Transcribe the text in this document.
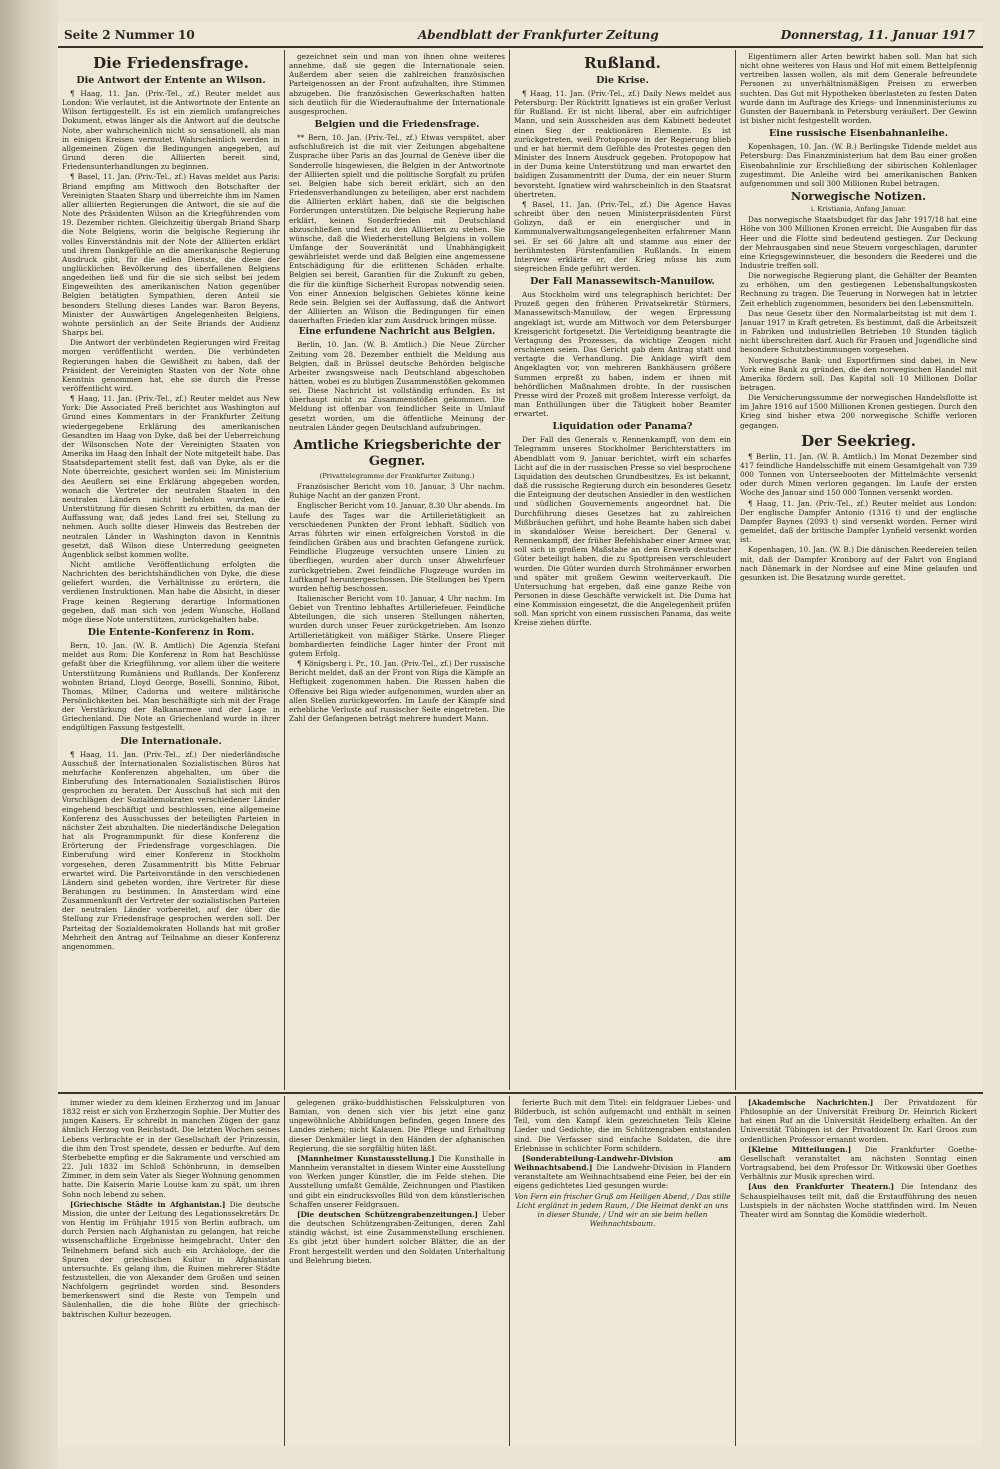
Seite 2 Nummer 10	Abendblatt der Frankfurter Zeitung	Donnerstag, 11. Januar 1917
Die Friedensfrage.
Die Antwort der Entente an Wilson.

¶ Haag, 11. Jan. (Priv.-Tel., zf.) Reuter meldet aus London: Wie verlautet, ist die Antwortnote der Entente an Wilson fertiggestellt. Es ist ein ziemlich umfangreiches Dokument, etwas länger als die Antwort auf die deutsche Note, aber wahrscheinlich nicht so sensationell, als man in einigen Kreisen vermutet. Wahrscheinlich werden in allgemeinen Zügen die Bedingungen angegeben, auf Grund deren die Alliierten bereit sind, Friedensunterhandlungen zu beginnen.

¶ Basel, 11. Jan. (Priv.-Tel., zf.) Havas meldet aus Paris: Briand empfing am Mittwoch den Botschafter der Vereinigten Staaten Sharp und überreichte ihm im Namen aller alliierten Regierungen die Antwort, die sie auf die Note des Präsidenten Wilson an die Kriegführenden vom 19. Dezember richten. Gleichzeitig übergab Briand Sharp die Note Belgiens, worin die belgische Regierung ihr volles Einverständnis mit der Note der Alliierten erklärt und ihrem Dankgefühle an die amerikanische Regierung Ausdruck gibt, für die edlen Dienste, die diese der unglücklichen Bevölkerung des überfallenen Belgiens angedeihen ließ und für die sie sich selbst bei jedem Eingeweihten des amerikanischen Nation gegenüber Belgien betätigten Sympathien, deren Anteil sie besonders Stellung dieses Landes war. Baron Beyens, Minister der Auswärtigen Angelegenheiten Belgiens, wohnte persönlich an der Seite Briands der Audienz Sharps bei.

Die Antwort der verbündeten Regierungen wird Freitag morgen veröffentlicht werden. Die verbündeten Regierungen haben die Gewißheit zu haben, daß der Präsident der Vereinigten Staaten von der Note ohne Kenntnis genommen hat, ehe sie durch die Presse veröffentlicht wird.

¶ Haag, 11. Jan. (Priv.-Tel., zf.) Reuter meldet aus New York: Die Associated Preß berichtet aus Washington auf Grund eines Kommentars in der Frankfurter Zeitung wiedergegebene Erklärung des amerikanischen Gesandten im Haag von Dyke, daß bei der Ueberreichung der Wilsonschen Note der Vereinigten Staaten von Amerika im Haag den Inhalt der Note mitgeteilt habe. Das Staatsdepartement stellt fest, daß van Dyke, als er die Note überreichte, gesichert worden sei: Im Ministerium des Aeußern sei eine Erklärung abgegeben worden, wonach die Vertreter der neutralen Staaten in den neutralen Ländern nicht befohlen wurden, die Unterstützung für diesen Schritt zu erbitten, da man der Auffassung war, daß jedes Land frei sei, Stellung zu nehmen. Auch sollte dieser Hinweis das Bestreben der neutralen Länder in Washington davon in Kenntnis gesetzt, daß Wilson diese Unterredung geeigneten Augenblick selbst kommen wollte.

Nicht amtliche Veröffentlichung erfolgten die Nachrichten des berichtshändlichen von Dyke, die diese geliefert wurden, die Verhältnisse zu erörtern, die verdienen Instruktionen. Man habe die Absicht, in dieser Frage keinen Regierung derartige Informationen gegeben, daß man sich von jedem Wunsche, Holland möge diese Note unterstützen, zurückgehalten habe.

Die Entente-Konferenz in Rom.

Bern, 10. Jan. (W. B. Amtlich) Die Agenzia Stefani meldet aus Rom: Die Konferenz in Rom hat Beschlüsse gefaßt über die Kriegführung, vor allem über die weitere Unterstützung Rumäniens und Rußlands. Der Konferenz wohnten Briand, Lloyd George, Boselli, Sonnino, Ribot, Thomas, Milner, Cadorna und weitere militärische Persönlichkeiten bei. Man beschäftigte sich mit der Frage der Verstärkung der Balkanarmee und der Lage in Griechenland. Die Note an Griechenland wurde in ihrer endgültigen Fassung festgestellt.

Die Internationale.

¶ Haag, 11. Jan. (Priv.-Tel., zf.) Der niederländische Ausschuß der Internationalen Sozialistischen Büros hat mehrfache Konferenzen abgehalten, um über die Einberufung des Internationalen Sozialistischen Büros gesprochen zu beraten. Der Ausschuß hat sich mit den Vorschlägen der Sozialdemokraten verschiedener Länder eingehend beschäftigt und beschlossen, eine allgemeine Konferenz des Ausschusses der beteiligten Parteien in nächster Zeit abzuhalten. Die niederländische Delegation hat als Programmpunkt für diese Konferenz die Erörterung der Friedensfrage vorgeschlagen. Die Einberufung wird einer Konferenz in Stockholm vorgesehen, deren Zusammentritt bis Mitte Februar erwartet wird. Die Parteivorstände in den verschiedenen Ländern sind gebeten worden, ihre Vertreter für diese Beratungen zu bestimmen. In Amsterdam wird eine Zusammenkunft der Vertreter der sozialistischen Parteien der neutralen Länder vorbereitet, auf der über die Stellung zur Friedensfrage gesprochen werden soll. Der Parteitag der Sozialdemokraten Hollands hat mit großer Mehrheit den Antrag auf Teilnahme an dieser Konferenz angenommen.

gezeichnet sein und man von ihnen ohne weiteres annehme, daß sie gegen die Internationale seien. Außerdem aber seien die zahlreichen französischen Parteigenossen an der Front aufzuhalten, ihre Stimmen abzugeben. Die französischen Gewerkschaften hatten sich deutlich für die Wiederaufnahme der Internationale ausgesprochen.

Belgien und die Friedensfrage.

** Bern, 10. Jan. (Priv.-Tel., zf.) Etwas verspätet, aber aufschlußreich ist die mit vier Zeitungen abgehaltene Zusprache über Paris an das Journal de Genève über die Sonderrolle hingewiesen, die Belgien in der Antwortnote der Alliierten spielt und die politische Sorgfalt zu prüfen sei. Belgien habe sich bereit erklärt, sich an den Friedensverhandlungen zu beteiligen, aber erst nachdem die Alliierten erklärt haben, daß sie die belgischen Forderungen unterstützen. Die belgische Regierung habe erklärt, keinen Sonderfrieden mit Deutschland abzuschließen und fest zu den Alliierten zu stehen. Sie wünsche, daß die Wiederherstellung Belgiens in vollem Umfange der Souveränität und Unabhängigkeit gewährleistet werde und daß Belgien eine angemessene Entschädigung für die erlittenen Schäden erhalte. Belgien sei bereit, Garantien für die Zukunft zu geben, die für die künftige Sicherheit Europas notwendig seien. Von einer Annexion belgischen Gebietes könne keine Rede sein. Belgien sei der Auffassung, daß die Antwort der Alliierten an Wilson die Bedingungen für einen dauerhaften Frieden klar zum Ausdruck bringen müsse.

Eine erfundene Nachricht aus Belgien.

Berlin, 10. Jan. (W. B. Amtlich.) Die Neue Zürcher Zeitung vom 28. Dezember enthielt die Meldung aus Belgien, daß in Brüssel deutsche Behörden belgische Arbeiter zwangsweise nach Deutschland abgeschoben hätten, wobei es zu blutigen Zusammenstößen gekommen sei. Diese Nachricht ist vollständig erfunden. Es ist überhaupt nicht zu Zusammenstößen gekommen. Die Meldung ist offenbar von feindlicher Seite in Umlauf gesetzt worden, um die öffentliche Meinung der neutralen Länder gegen Deutschland aufzubringen.

Amtliche Kriegsberichte der Gegner.

(Privattelegramme der Frankfurter Zeitung.)

Französischer Bericht vom 10. Januar, 3 Uhr nachm. Ruhige Nacht an der ganzen Front.

Englischer Bericht vom 10. Januar, 8.30 Uhr abends. Im Laufe des Tages war die Artillerietätigkeit an verschiedenen Punkten der Front lebhaft. Südlich von Arras führten wir einen erfolgreichen Vorstoß in die feindlichen Gräben aus und brachten Gefangene zurück. Feindliche Flugzeuge versuchten unsere Linien zu überfliegen, wurden aber durch unser Abwehrfeuer zurückgetrieben. Zwei feindliche Flugzeuge wurden im Luftkampf heruntergeschossen. Die Stellungen bei Ypern wurden heftig beschossen.

Italienischer Bericht vom 10. Januar, 4 Uhr nachm. Im Gebiet von Trentino lebhaftes Artilleriefeuer. Feindliche Abteilungen, die sich unseren Stellungen näherten, wurden durch unser Feuer zurückgetrieben. Am Isonzo Artillerietätigkeit von mäßiger Stärke. Unsere Flieger bombardierten feindliche Lager hinter der Front mit gutem Erfolg.

¶ Königsberg i. Pr., 10. Jan. (Priv.-Tel., zf.) Der russische Bericht meldet, daß an der Front von Riga die Kämpfe an Heftigkeit zugenommen haben. Die Russen haben die Offensive bei Riga wieder aufgenommen, wurden aber an allen Stellen zurückgeworfen. Im Laufe der Kämpfe sind erhebliche Verluste auf russischer Seite eingetreten. Die Zahl der Gefangenen beträgt mehrere hundert Mann.

Rußland.
Die Krise.

¶ Haag, 11. Jan. (Priv.-Tel., zf.) Daily News meldet aus Petersburg: Der Rücktritt Ignatiews ist ein großer Verlust für Rußland. Er ist nicht liberal, aber ein aufrichtiger Mann, und sein Ausscheiden aus dem Kabinett bedeutet einen Sieg der reaktionären Elemente. Es ist zurückgetreten, weil Protopopow in der Regierung blieb und er hat hiermit dem Gefühle des Protestes gegen den Minister des Innern Ausdruck gegeben. Protopopow hat in der Duma keine Unterstützung und man erwartet den baldigen Zusammentritt der Duma, der ein neuer Sturm bevorsteht. Ignatiew wird wahrscheinlich in den Staatsrat übertreten.

¶ Basel, 11. Jan. (Priv.-Tel., zf.) Die Agence Havas schreibt über den neuen Ministerpräsidenten Fürst Golizyn, daß er ein energischer und in Kommunalverwaltungsangelegenheiten erfahrener Mann sei. Er sei 66 Jahre alt und stamme aus einer der berühmtesten Fürstenfamilien Rußlands. In einem Interview erklärte er, der Krieg müsse bis zum siegreichen Ende geführt werden.

Der Fall Manassewitsch-Manuilow.

Aus Stockholm wird uns telegraphisch berichtet: Der Prozeß gegen den früheren Privatsekretär Stürmers, Manassewitsch-Manuilow, der wegen Erpressung angeklagt ist, wurde am Mittwoch vor dem Petersburger Kreisgericht fortgesetzt. Die Verteidigung beantragte die Vertagung des Prozesses, da wichtige Zeugen nicht erschienen seien. Das Gericht gab dem Antrag statt und vertagte die Verhandlung. Die Anklage wirft dem Angeklagten vor, von mehreren Bankhäusern größere Summen erpreßt zu haben, indem er ihnen mit behördlichen Maßnahmen drohte. In der russischen Presse wird der Prozeß mit großem Interesse verfolgt, da man Enthüllungen über die Tätigkeit hoher Beamter erwartet.

Liquidation oder Panama?

Der Fall des Generals v. Rennenkampff, von dem ein Telegramm unseres Stockholmer Berichterstatters im Abendblatt vom 9. Januar berichtet, wirft ein scharfes Licht auf die in der russischen Presse so viel besprochene Liquidation des deutschen Grundbesitzes. Es ist bekannt, daß die russische Regierung durch ein besonderes Gesetz die Enteignung der deutschen Ansiedler in den westlichen und südlichen Gouvernements angeordnet hat. Die Durchführung dieses Gesetzes hat zu zahlreichen Mißbräuchen geführt, und hohe Beamte haben sich dabei in skandalöser Weise bereichert. Der General v. Rennenkampff, der früher Befehlshaber einer Armee war, soll sich in großem Maßstabe an dem Erwerb deutscher Güter beteiligt haben, die zu Spottpreisen verschleudert wurden. Die Güter wurden durch Strohmänner erworben und später mit großem Gewinn weiterverkauft. Die Untersuchung hat ergeben, daß eine ganze Reihe von Personen in diese Geschäfte verwickelt ist. Die Duma hat eine Kommission eingesetzt, die die Angelegenheit prüfen soll. Man spricht von einem russischen Panama, das weite Kreise ziehen dürfte.

Eigentümern aller Arten bewirkt haben soll. Man hat sich nicht ohne weiteres von Haus und Hof mit einem Bettelpfennig vertreiben lassen wollen, als mit dem Generale befreundete Personen zu unverhältnismäßigen Preisen zu erwerben suchten. Das Gut mit Hypotheken überlasteten zu festen Daten wurde dann im Auftrage des Kriegs- und Innenministeriums zu Gunsten der Bauernbank in Petersburg veräußert. Der Gewinn ist bisher nicht festgestellt worden.

Eine russische Eisenbahnanleihe.

Kopenhagen, 10. Jan. (W. B.) Berlingske Tidende meldet aus Petersburg: Das Finanzministerium hat dem Bau einer großen Eisenbahnlinie zur Erschließung der sibirischen Kohlenlager zugestimmt. Die Anleihe wird bei amerikanischen Banken aufgenommen und soll 300 Millionen Rubel betragen.

Norwegische Notizen.

i. Kristiania, Anfang Januar.

Das norwegische Staatsbudget für das Jahr 1917/18 hat eine Höhe von 300 Millionen Kronen erreicht. Die Ausgaben für das Heer und die Flotte sind bedeutend gestiegen. Zur Deckung der Mehrausgaben sind neue Steuern vorgeschlagen, darunter eine Kriegsgewinnsteuer, die besonders die Reederei und die Industrie treffen soll.

Die norwegische Regierung plant, die Gehälter der Beamten zu erhöhen, um den gestiegenen Lebenshaltungskosten Rechnung zu tragen. Die Teuerung in Norwegen hat in letzter Zeit erheblich zugenommen, besonders bei den Lebensmitteln.

Das neue Gesetz über den Normalarbeitstag ist mit dem 1. Januar 1917 in Kraft getreten. Es bestimmt, daß die Arbeitszeit in Fabriken und industriellen Betrieben 10 Stunden täglich nicht überschreiten darf. Auch für Frauen und Jugendliche sind besondere Schutzbestimmungen vorgesehen.

Norwegische Bank- und Exportfirmen sind dabei, in New York eine Bank zu gründen, die den norwegischen Handel mit Amerika fördern soll. Das Kapital soll 10 Millionen Dollar betragen.

Die Versicherungssumme der norwegischen Handelsflotte ist im Jahre 1916 auf 1500 Millionen Kronen gestiegen. Durch den Krieg sind bisher etwa 200 norwegische Schiffe verloren gegangen.

Der Seekrieg.

¶ Berlin, 11. Jan. (W. B. Amtlich.) Im Monat Dezember sind 417 feindliche Handelsschiffe mit einem Gesamtgehalt von 739 000 Tonnen von Unterseebooten der Mittelmächte versenkt oder durch Minen verloren gegangen. Im Laufe der ersten Woche des Januar sind 150 000 Tonnen versenkt worden.

¶ Haag, 11. Jan. (Priv.-Tel., zf.) Reuter meldet aus London: Der englische Dampfer Antonio (1316 t) und der englische Dampfer Baynes (2093 t) sind versenkt worden. Ferner wird gemeldet, daß der britische Dampfer Lynfield versenkt worden ist.

Kopenhagen, 10. Jan. (W. B.) Die dänischen Reedereien teilen mit, daß der Dampfer Kronborg auf der Fahrt von England nach Dänemark in der Nordsee auf eine Mine gelaufen und gesunken ist. Die Besatzung wurde gerettet.

immer wieder zu dem kleinen Erzherzog und im Januar 1832 reist er sich von Erzherzogin Sophie. Der Mutter des jungen Kaisers. Er schreibt in manchen Zügen der ganz ähnlich Herzog von Reichstadt. Die letzten Wochen seines Lebens verbrachte er in der Gesellschaft der Prinzessin, die ihm den Trost spendete, dessen er bedurfte. Auf dem Sterbebette empfing er die Sakramente und verschied am 22. Juli 1832 im Schloß Schönbrunn, in demselben Zimmer, in dem sein Vater als Sieger Wohnung genommen hatte. Die Kaiserin Marie Louise kam zu spät, um ihren Sohn noch lebend zu sehen.

[Griechische Städte in Afghanistan.] Die deutsche Mission, die unter der Leitung des Legationssekretärs Dr. von Hentig im Frühjahr 1915 von Berlin aufbrach, um durch Persien nach Afghanistan zu gelangen, hat reiche wissenschaftliche Ergebnisse heimgebracht. Unter den Teilnehmern befand sich auch ein Archäologe, der die Spuren der griechischen Kultur in Afghanistan untersuchte. Es gelang ihm, die Ruinen mehrerer Städte festzustellen, die von Alexander dem Großen und seinen Nachfolgern gegründet worden sind. Besonders bemerkenswert sind die Reste von Tempeln und Säulenhallen, die die hohe Blüte der griechisch-baktrischen Kultur bezeugen.

gelegenen gräko-buddhistischen Felsskulpturen von Bamian, von denen sich vier bis jetzt eine ganz ungewöhnliche Abbildungen befinden, gegen Innere des Landes ziehen; nicht Kalauen. Die Pflege und Erhaltung dieser Denkmäler liegt in den Händen der afghanischen Regierung, die sie sorgfältig hüten läßt.

[Mannheimer Kunstausstellung.] Die Kunsthalle in Mannheim veranstaltet in diesem Winter eine Ausstellung von Werken junger Künstler, die im Felde stehen. Die Ausstellung umfaßt Gemälde, Zeichnungen und Plastiken und gibt ein eindrucksvolles Bild von dem künstlerischen Schaffen unserer Feldgrauen.

[Die deutschen Schützengrabenzeitungen.] Ueber die deutschen Schützengraben-Zeitungen, deren Zahl ständig wächst, ist eine Zusammenstellung erschienen. Es gibt jetzt über hundert solcher Blätter, die an der Front hergestellt werden und den Soldaten Unterhaltung und Belehrung bieten.

ferierte Buch mit dem Titel: ein feldgrauer Liebes- und Bilderbuch, ist schön aufgemacht und enthält in seinen Teil, vom den Kampf klein gezeichneten Teils Kleine Lieder und Gedichte, die im Schützengraben entstanden sind. Die Verfasser sind einfache Soldaten, die ihre Erlebnisse in schlichter Form schildern.

[Sonderabteilung-Landwehr-Division am Weihnachtsabend.] Die Landwehr-Division in Flandern veranstaltete am Weihnachtsabend eine Feier, bei der ein eigens gedichtetes Lied gesungen wurde:

Von Fern ein frischer Gruß am Heiligen Abend, / Das stille Licht erglänzt in jedem Raum, / Die Heimat denkt an uns in dieser Stunde, / Und wir an sie beim hellen Weihnachtsbaum.

[Akademische Nachrichten.] Der Privatdozent für Philosophie an der Universität Freiburg Dr. Heinrich Rickert hat einen Ruf an die Universität Heidelberg erhalten. An der Universität Tübingen ist der Privatdozent Dr. Karl Groos zum ordentlichen Professor ernannt worden.

[Kleine Mitteilungen.] Die Frankfurter Goethe-Gesellschaft veranstaltet am nächsten Sonntag einen Vortragsabend, bei dem Professor Dr. Witkowski über Goethes Verhältnis zur Musik sprechen wird.

[Aus den Frankfurter Theatern.] Die Intendanz des Schauspielhauses teilt mit, daß die Erstaufführung des neuen Lustspiels in der nächsten Woche stattfinden wird. Im Neuen Theater wird am Sonntag die Komödie wiederholt.
